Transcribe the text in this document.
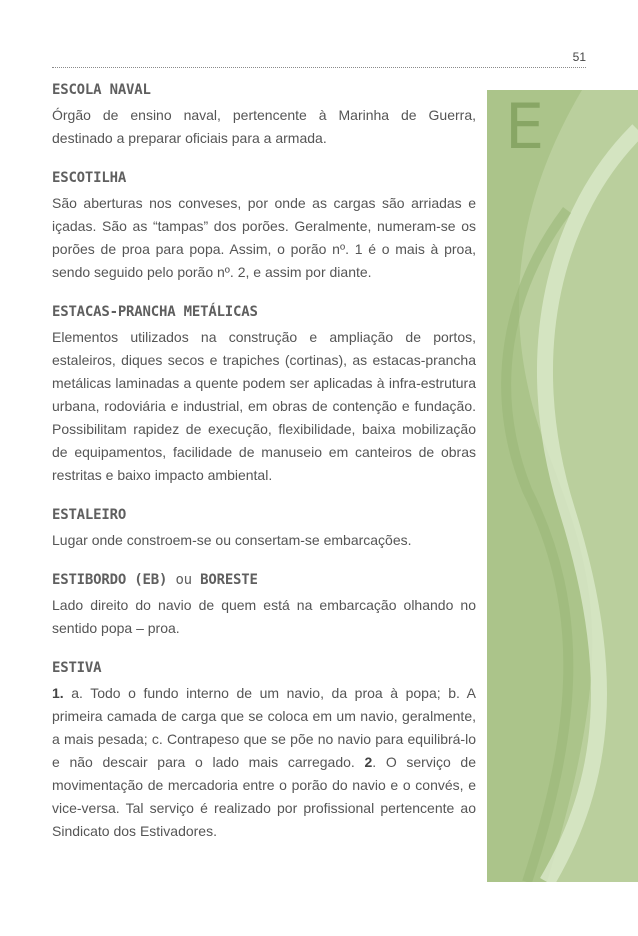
51
E
ESCOLA NAVAL

Órgão de ensino naval, pertencente à Marinha de Guerra, destinado a preparar oficiais para a armada.

ESCOTILHA

São aberturas nos conveses, por onde as cargas são arriadas e içadas. São as “tampas” dos porões. Geralmente, numeram-se os porões de proa para popa. Assim, o porão nº. 1 é o mais à proa, sendo seguido pelo porão nº. 2, e assim por diante.

ESTACAS-PRANCHA METÁLICAS

Elementos utilizados na construção e ampliação de portos, estaleiros, diques secos e trapiches (cortinas), as estacas-prancha metálicas laminadas a quente podem ser aplicadas à infra-estrutura urbana, rodoviária e industrial, em obras de contenção e fundação. Possibilitam rapidez de execução, flexibilidade, baixa mobilização de equipamentos, facilidade de manuseio em canteiros de obras restritas e baixo impacto ambiental.

ESTALEIRO

Lugar onde constroem-se ou consertam-se embarcações.

ESTIBORDO (EB) ou BORESTE

Lado direito do navio de quem está na embarcação olhando no sentido popa – proa.

ESTIVA

1. a. Todo o fundo interno de um navio, da proa à popa; b. A primeira camada de carga que se coloca em um navio, geralmente, a mais pesada; c. Contrapeso que se põe no navio para equilibrá-lo e não descair para o lado mais carregado. 2. O serviço de movimentação de mercadoria entre o porão do navio e o convés, e vice-versa. Tal serviço é realizado por profissional pertencente ao Sindicato dos Estivadores.
